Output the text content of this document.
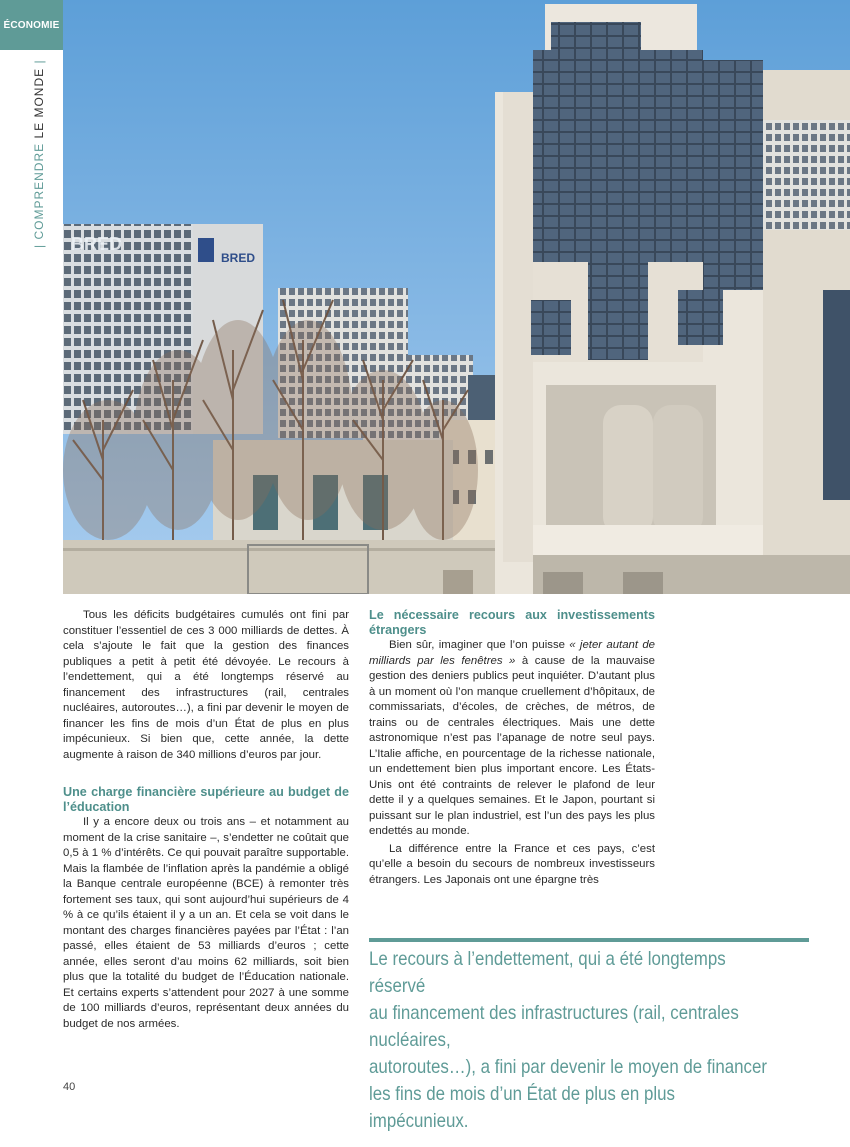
ÉCONOMIE
| COMPRENDRE LE MONDE |
BRED
BRED

Tous les déficits budgétaires cumulés ont fini par constituer l’essentiel de ces 3 000 milliards de dettes. À cela s’ajoute le fait que la gestion des finances publiques a petit à petit été dévoyée. Le recours à l’endettement, qui a été longtemps réservé au financement des infrastructures (rail, centrales nucléaires, autoroutes…), a fini par devenir le moyen de financer les fins de mois d’un État de plus en plus impécunieux. Si bien que, cette année, la dette augmente à raison de 340 millions d’euros par jour.

Une charge financière supérieure au budget de l’éducation

Il y a encore deux ou trois ans – et notamment au moment de la crise sanitaire –, s’endetter ne coûtait que 0,5 à 1 % d’intérêts. Ce qui pouvait paraître supportable. Mais la flambée de l’inflation après la pandémie a obligé la Banque centrale européenne (BCE) à remonter très fortement ses taux, qui sont aujourd’hui supérieurs de 4 % à ce qu’ils étaient il y a un an. Et cela se voit dans le montant des charges financières payées par l’État : l’an passé, elles étaient de 53 milliards d’euros ; cette année, elles seront d’au moins 62 milliards, soit bien plus que la totalité du budget de l’Éducation nationale. Et certains experts s’attendent pour 2027 à une somme de 100 milliards d’euros, représentant deux années du budget de nos armées.

Le nécessaire recours aux investissements étrangers

Bien sûr, imaginer que l’on puisse « jeter autant de milliards par les fenêtres » à cause de la mauvaise gestion des deniers publics peut inquiéter. D’autant plus à un moment où l’on manque cruellement d’hôpitaux, de commissariats, d’écoles, de crèches, de métros, de trains ou de centrales électriques. Mais une dette astronomique n’est pas l’apanage de notre seul pays. L’Italie affiche, en pourcentage de la richesse nationale, un endettement bien plus important encore. Les États-Unis ont été contraints de relever le plafond de leur dette il y a quelques semaines. Et le Japon, pourtant si puissant sur le plan industriel, est l’un des pays les plus endettés au monde.

La différence entre la France et ces pays, c’est qu’elle a besoin du secours de nombreux investisseurs étrangers. Les Japonais ont une épargne très

Le recours à l’endettement, qui a été longtemps réservé
au financement des infrastructures (rail, centrales nucléaires,
autoroutes…), a fini par devenir le moyen de financer
les fins de mois d’un État de plus en plus impécunieux.
40
